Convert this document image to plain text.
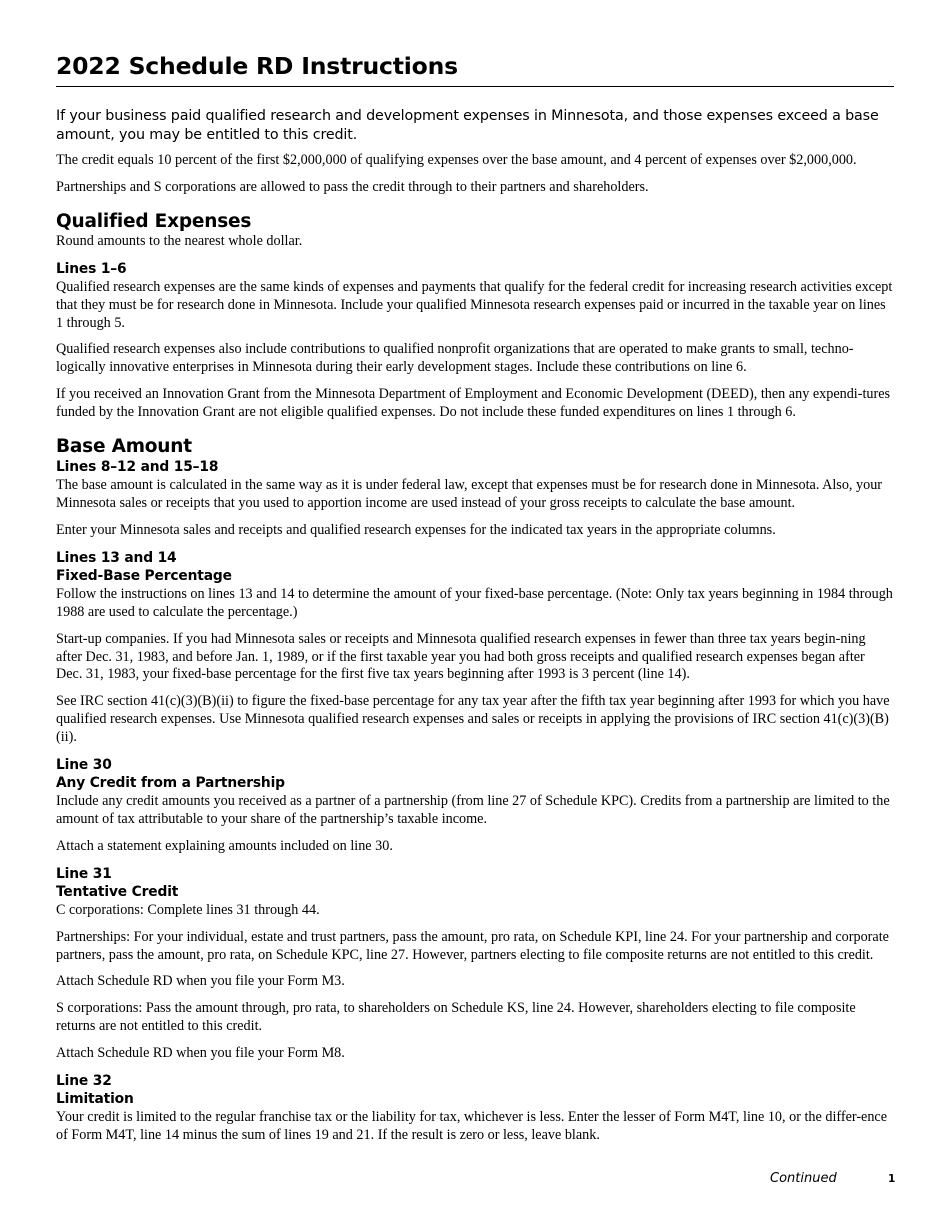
2022 Schedule RD Instructions

If your business paid qualified research and development expenses in Minnesota, and those expenses exceed a base amount, you may be entitled to this credit.

The credit equals 10 percent of the first $2,000,000 of qualifying expenses over the base amount, and 4 percent of expenses over $2,000,000.

Partnerships and S corporations are allowed to pass the credit through to their partners and shareholders.

Qualified Expenses

Round amounts to the nearest whole dollar.

Lines 1–6

Qualified research expenses are the same kinds of expenses and payments that qualify for the federal credit for increasing research activities except that they must be for research done in Minnesota. Include your qualified Minnesota research expenses paid or incurred in the taxable year on lines 1 through 5.

Qualified research expenses also include contributions to qualified nonprofit organizations that are operated to make grants to small, techno-logically innovative enterprises in Minnesota during their early development stages. Include these contributions on line 6.

If you received an Innovation Grant from the Minnesota Department of Employment and Economic Development (DEED), then any expendi-tures funded by the Innovation Grant are not eligible qualified expenses. Do not include these funded expenditures on lines 1 through 6.

Base Amount
Lines 8–12 and 15–18

The base amount is calculated in the same way as it is under federal law, except that expenses must be for research done in Minnesota. Also, your Minnesota sales or receipts that you used to apportion income are used instead of your gross receipts to calculate the base amount.

Enter your Minnesota sales and receipts and qualified research expenses for the indicated tax years in the appropriate columns.

Lines 13 and 14
Fixed-Base Percentage

Follow the instructions on lines 13 and 14 to determine the amount of your fixed-base percentage. (Note: Only tax years beginning in 1984 through 1988 are used to calculate the percentage.)

Start-up companies. If you had Minnesota sales or receipts and Minnesota qualified research expenses in fewer than three tax years begin-ning after Dec. 31, 1983, and before Jan. 1, 1989, or if the first taxable year you had both gross receipts and qualified research expenses began after Dec. 31, 1983, your fixed-base percentage for the first five tax years beginning after 1993 is 3 percent (line 14).

See IRC section 41(c)(3)(B)(ii) to figure the fixed-base percentage for any tax year after the fifth tax year beginning after 1993 for which you have qualified research expenses. Use Minnesota qualified research expenses and sales or receipts in applying the provisions of IRC section 41(c)(3)(B)(ii).

Line 30
Any Credit from a Partnership

Include any credit amounts you received as a partner of a partnership (from line 27 of Schedule KPC). Credits from a partnership are limited to the amount of tax attributable to your share of the partnership’s taxable income.

Attach a statement explaining amounts included on line 30.

Line 31
Tentative Credit

C corporations: Complete lines 31 through 44.

Partnerships: For your individual, estate and trust partners, pass the amount, pro rata, on Schedule KPI, line 24. For your partnership and corporate partners, pass the amount, pro rata, on Schedule KPC, line 27. However, partners electing to file composite returns are not entitled to this credit.

Attach Schedule RD when you file your Form M3.

S corporations: Pass the amount through, pro rata, to shareholders on Schedule KS, line 24. However, shareholders electing to file composite returns are not entitled to this credit.

Attach Schedule RD when you file your Form M8.

Line 32
Limitation

Your credit is limited to the regular franchise tax or the liability for tax, whichever is less. Enter the lesser of Form M4T, line 10, or the differ-ence of Form M4T, line 14 minus the sum of lines 19 and 21. If the result is zero or less, leave blank.

Continued	1
